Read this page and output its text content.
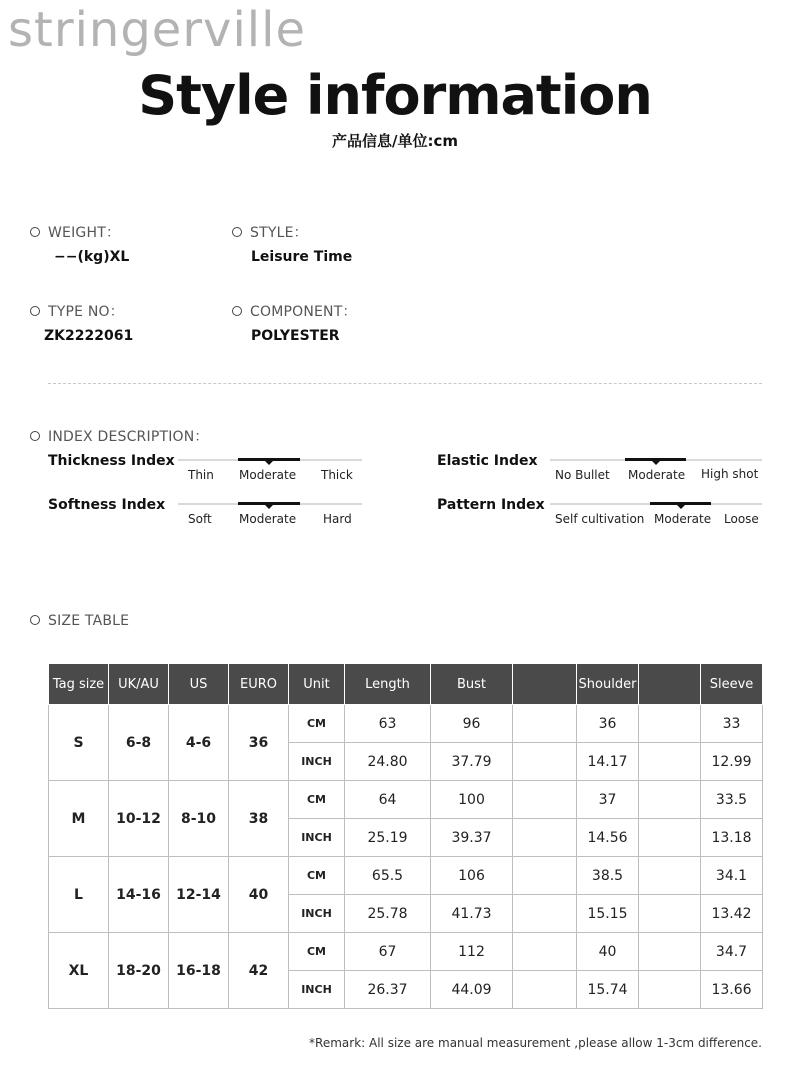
stringerville
Style information
产品信息/单位:cm
WEIGHT：
−−(kg)XL
STYLE：
Leisure Time
TYPE NO：
ZK2222061
COMPONENT：
POLYESTER
INDEX DESCRIPTION：
Thickness Index
Thin Moderate Thick
Elastic Index
No Bullet Moderate High shot
Softness Index
Soft Moderate Hard
Pattern Index
Self cultivation Moderate Loose
SIZE TABLE
Tag size	UK/AU	US	EURO	Unit	Length	Bust		Shoulder		Sleeve
S	6-8	4-6	36	CM	63	96		36		33
				INCH	24.80	37.79		14.17		12.99
M	10-12	8-10	38	CM	64	100		37		33.5
				INCH	25.19	39.37		14.56		13.18
L	14-16	12-14	40	CM	65.5	106		38.5		34.1
				INCH	25.78	41.73		15.15		13.42
XL	18-20	16-18	42	CM	67	112		40		34.7
				INCH	26.37	44.09		15.74		13.66
*Remark: All size are manual measurement ,please allow 1-3cm difference.
